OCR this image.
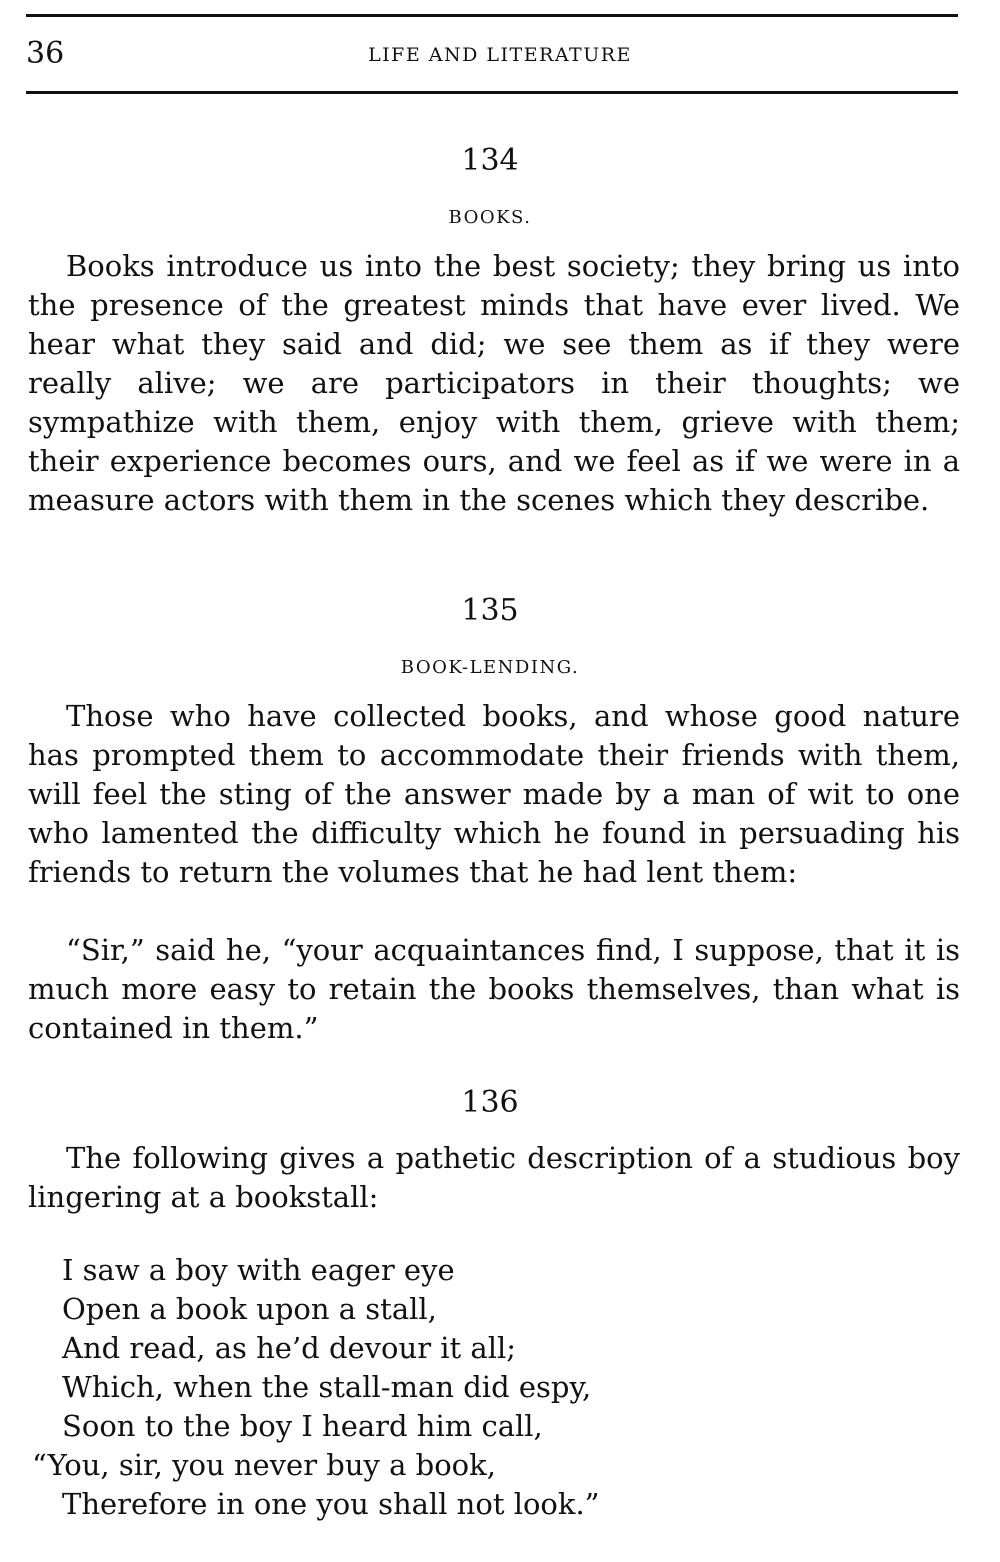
36	LIFE AND LITERATURE
134
BOOKS.

Books introduce us into the best society; they bring us into the presence of the greatest minds that have ever lived. We hear what they said and did; we see them as if they were really alive; we are participators in their thoughts; we sympathize with them, enjoy with them, grieve with them; their experience becomes ours, and we feel as if we were in a measure actors with them in the scenes which they describe.

135
BOOK-LENDING.

Those who have collected books, and whose good nature has prompted them to accommodate their friends with them, will feel the sting of the answer made by a man of wit to one who lamented the difficulty which he found in persuading his friends to return the volumes that he had lent them:

“Sir,” said he, “your acquaintances find, I suppose, that it is much more easy to retain the books themselves, than what is contained in them.”

136

The following gives a pathetic description of a studious boy lingering at a bookstall:

I saw a boy with eager eye
Open a book upon a stall,
And read, as he’d devour it all;
Which, when the stall-man did espy,
Soon to the boy I heard him call,
“You, sir, you never buy a book,
Therefore in one you shall not look.”
